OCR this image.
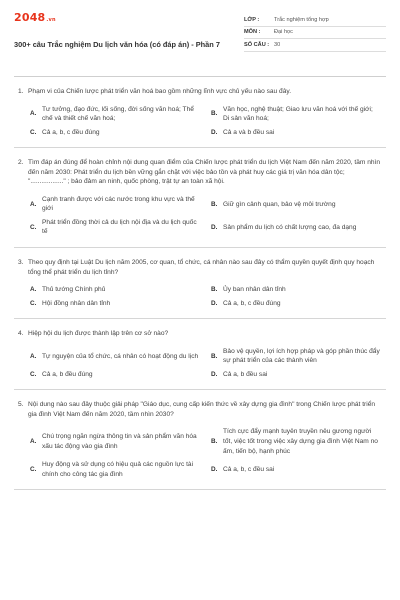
2048.vn
300+ câu Trắc nghiệm Du lịch văn hóa (có đáp án) - Phần 7
LỚP :	Trắc nghiệm tổng hợp
MÔN :	Đại học
SỐ CÂU : 30
1. Phạm vi của Chiến lược phát triển văn hoá bao gồm những lĩnh vực chủ yếu nào sau đây.
A.
Tư tưởng, đạo đức, lối sống, đời sống văn hoá; Thể chế và thiết chế văn hoá;
B.
Văn học, nghệ thuật; Giao lưu văn hoá với thế giới; Di sản văn hoá;
C. Cả a, b, c đều đúng	D. Cả a và b đều sai
2. Tìm đáp án đúng để hoàn chỉnh nội dung quan điểm của Chiến lược phát triển du lịch Việt Nam đến năm 2020, tầm nhìn đến năm 2030: Phát triển du lịch bền vững gắn chặt với việc bảo tồn và phát huy các giá trị văn hóa dân tộc; ".................." ; bảo đảm an ninh, quốc phòng, trật tự an toàn xã hội.
A.
Cạnh tranh được với các nước trong khu vực và thế giới
B. Giữ gìn cảnh quan, bảo vệ môi trường
C.
Phát triển đồng thời cả du lịch nội địa và du lịch quốc tế
D. Sản phẩm du lịch có chất lượng cao, đa dạng
3. Theo quy định tại Luật Du lịch năm 2005, cơ quan, tổ chức, cá nhân nào sau đây có thẩm quyền quyết định quy hoạch tổng thể phát triển du lịch tỉnh?
A. Thủ tướng Chính phủ	B. Ủy ban nhân dân tỉnh
C. Hội đồng nhân dân tỉnh	D. Cả a, b, c đều đúng
4. Hiệp hội du lịch được thành lập trên cơ sở nào?
A. Tự nguyện của tổ chức, cá nhân có hoạt động du lịch	B.
Bảo vệ quyền, lợi ích hợp pháp và góp phần thúc đẩy sự phát triển của các thành viên
C. Cả a, b đều đúng	D. Cả a, b đều sai
5. Nội dung nào sau đây thuộc giải pháp "Giáo dục, cung cấp kiến thức về xây dựng gia đình" trong Chiến lược phát triển gia đình Việt Nam đến năm 2020, tầm nhìn 2030?
A.
Chú trọng ngăn ngừa thông tin và sản phẩm văn hóa xấu tác động vào gia đình
B.
Tích cực đẩy mạnh tuyên truyền nêu gương người tốt, việc tốt trong việc xây dựng gia đình Việt Nam no ấm, tiến bộ, hạnh phúc
C.
Huy động và sử dụng có hiệu quả các nguồn lực tài chính cho công tác gia đình
D. Cả a, b, c đều sai
